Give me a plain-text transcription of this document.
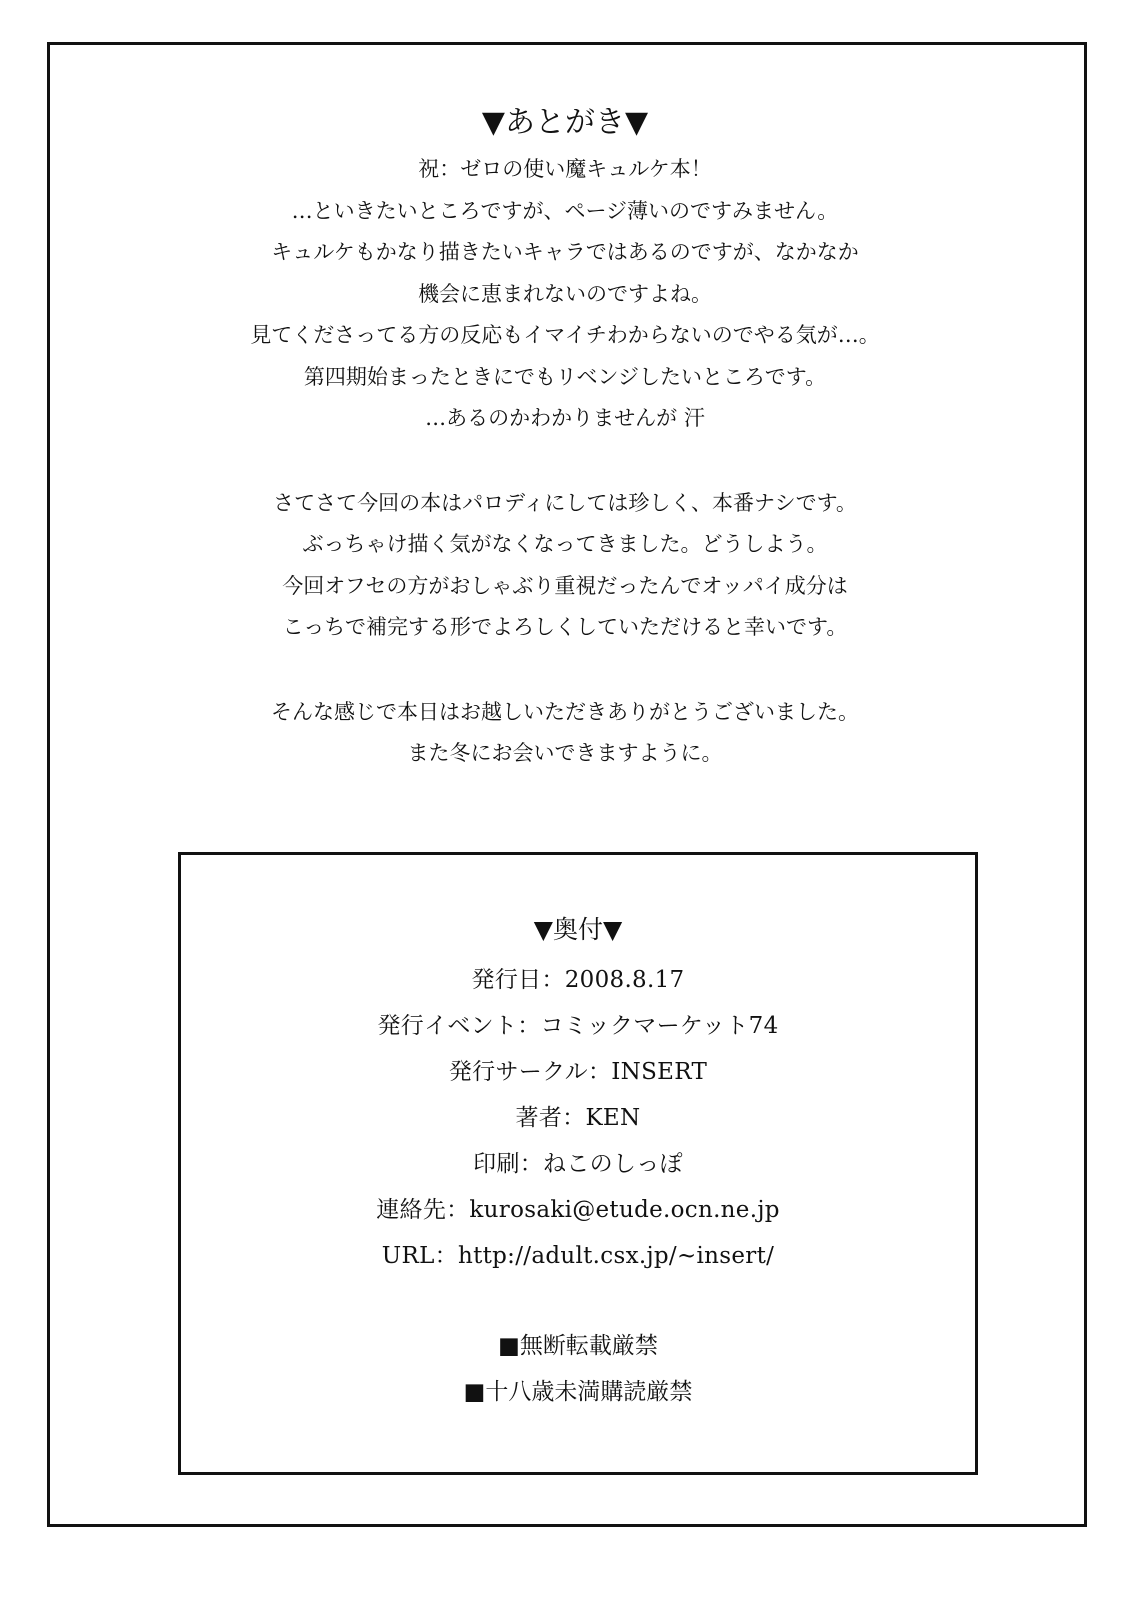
▼あとがき▼
祝：ゼロの使い魔キュルケ本！
…といきたいところですが、ページ薄いのですみません。
キュルケもかなり描きたいキャラではあるのですが、なかなか
機会に恵まれないのですよね。
見てくださってる方の反応もイマイチわからないのでやる気が…。
第四期始まったときにでもリベンジしたいところです。
…あるのかわかりませんが 汗
さてさて今回の本はパロディにしては珍しく、本番ナシです。
ぶっちゃけ描く気がなくなってきました。どうしよう。
今回オフセの方がおしゃぶり重視だったんでオッパイ成分は
こっちで補完する形でよろしくしていただけると幸いです。
そんな感じで本日はお越しいただきありがとうございました。
また冬にお会いできますように。
▼奥付▼
発行日：2008.8.17
発行イベント：コミックマーケット74
発行サークル：INSERT
著者：KEN
印刷：ねこのしっぽ
連絡先：kurosaki@etude.ocn.ne.jp
URL：http://adult.csx.jp/~insert/
■無断転載厳禁
■十八歳未満購読厳禁
